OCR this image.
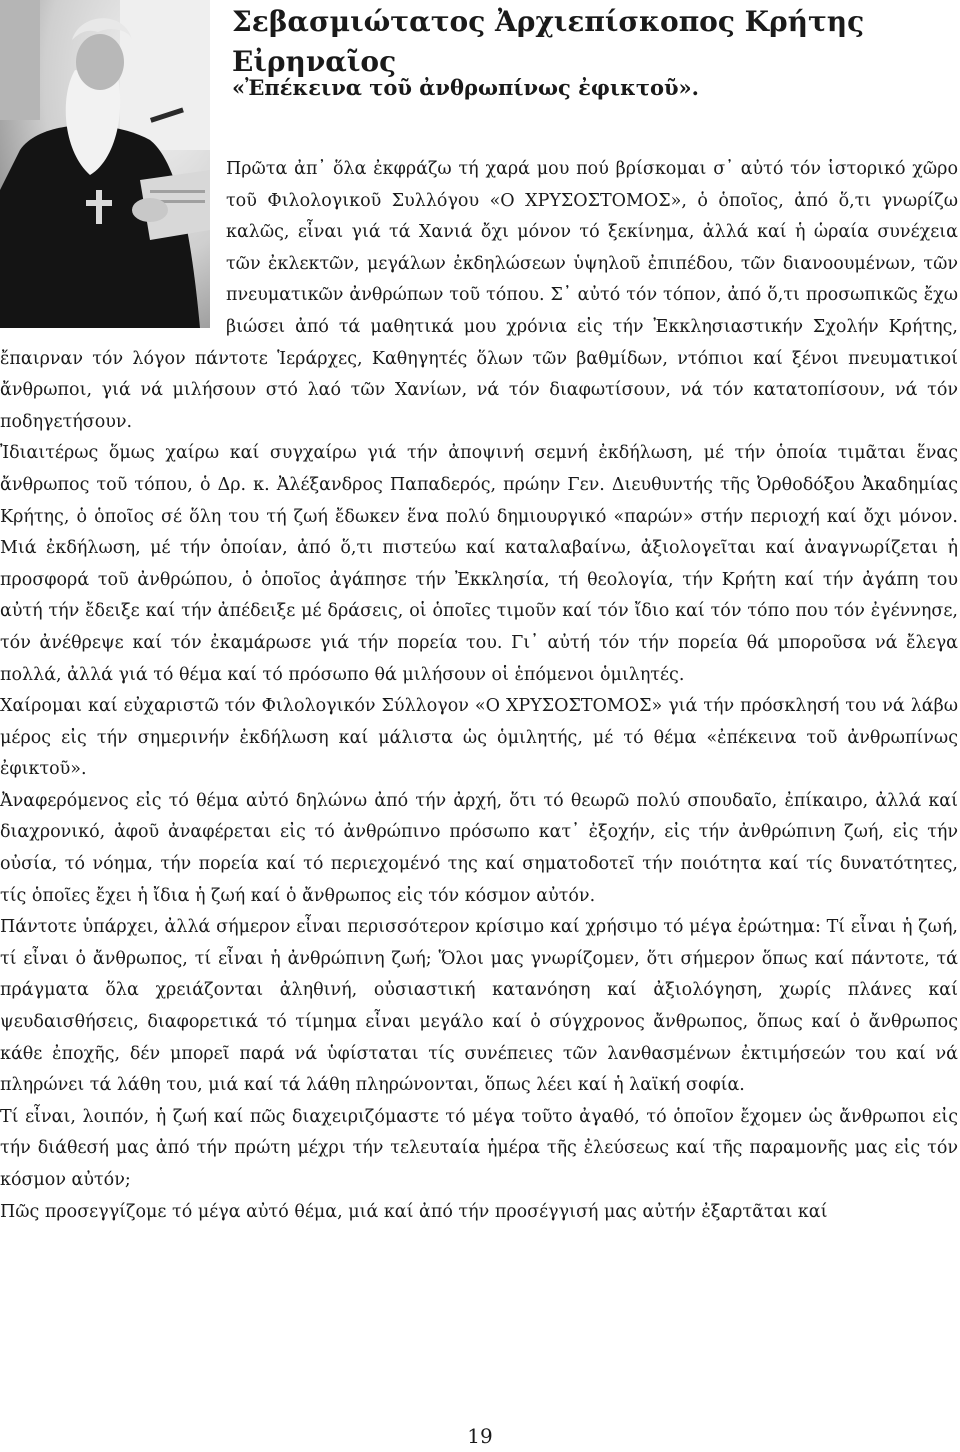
Σεβασμιώτατος Ἀρχιεπίσκοπος Κρήτης Εἰρηναῖος
«Ἐπέκεινα τοῦ ἀνθρωπίνως ἐφικτοῦ».

Πρῶτα ἀπ᾽ ὅλα ἐκφράζω τή χαρά μου πού βρίσκομαι σ᾽ αὐτό τόν ἱστορικό χῶρο τοῦ Φιλολογικοῦ Συλλόγου «Ο ΧΡΥΣΟΣΤΟΜΟΣ», ὁ ὁποῖος, ἀπό ὅ,τι γνωρίζω καλῶς, εἶναι γιά τά Χανιά ὄχι μόνον τό ξεκίνημα, ἀλλά καί ἡ ὡραία συνέχεια τῶν ἐκλεκτῶν, μεγάλων ἐκδηλώσεων ὑψηλοῦ ἐπιπέδου, τῶν διανοουμένων, τῶν πνευματικῶν ἀνθρώπων τοῦ τόπου. Σ᾽ αὐτό τόν τόπον, ἀπό ὅ,τι προσωπικῶς ἔχω βιώσει ἀπό τά μαθητικά μου χρόνια εἰς τήν Ἐκκλησιαστικήν Σχολήν Κρήτης, ἔπαιρναν τόν λόγον πάντοτε Ἱεράρχες, Καθηγητές ὅλων τῶν βαθμίδων, ντόπιοι καί ξένοι πνευματικοί ἄνθρωποι, γιά νά μιλήσουν στό λαό τῶν Χανίων, νά τόν διαφωτίσουν, νά τόν κατατοπίσουν, νά τόν ποδηγετήσουν.

Ἰδιαιτέρως ὅμως χαίρω καί συγχαίρω γιά τήν ἀποψινή σεμνή ἐκδήλωση, μέ τήν ὁποία τιμᾶται ἕνας ἄνθρωπος τοῦ τόπου, ὁ Δρ. κ. Ἀλέξανδρος Παπαδερός, πρώην Γεν. Διευθυντής τῆς Ὀρθοδόξου Ἀκαδημίας Κρήτης, ὁ ὁποῖος σέ ὅλη του τή ζωή ἔδωκεν ἕνα πολύ δημιουργικό «παρών» στήν περιοχή καί ὄχι μόνον. Μιά ἐκδήλωση, μέ τήν ὁποίαν, ἀπό ὅ,τι πιστεύω καί καταλαβαίνω, ἀξιολογεῖται καί ἀναγνωρίζεται ἡ προσφορά τοῦ ἀνθρώπου, ὁ ὁποῖος ἀγάπησε τήν Ἐκκλησία, τή θεολογία, τήν Κρήτη καί τήν ἀγάπη του αὐτή τήν ἔδειξε καί τήν ἀπέδειξε μέ δράσεις, οἱ ὁποῖες τιμοῦν καί τόν ἴδιο καί τόν τόπο που τόν ἐγέννησε, τόν ἀνέθρεψε καί τόν ἐκαμάρωσε γιά τήν πορεία του. Γι᾽ αὐτή τόν τήν πορεία θά μποροῦσα νά ἔλεγα πολλά, ἀλλά γιά τό θέμα καί τό πρόσωπο θά μιλήσουν οἱ ἑπόμενοι ὁμιλητές.

Χαίρομαι καί εὐχαριστῶ τόν Φιλολογικόν Σύλλογον «Ο ΧΡΥΣΟΣΤΟΜΟΣ» γιά τήν πρόσκλησή του νά λάβω μέρος εἰς τήν σημερινήν ἐκδήλωση καί μάλιστα ὡς ὁμιλητής, μέ τό θέμα «ἐπέκεινα τοῦ ἀνθρωπίνως ἐφικτοῦ».

Ἀναφερόμενος εἰς τό θέμα αὐτό δηλώνω ἀπό τήν ἀρχή, ὅτι τό θεωρῶ πολύ σπουδαῖο, ἐπίκαιρο, ἀλλά καί διαχρονικό, ἀφοῦ ἀναφέρεται εἰς τό ἀνθρώπινο πρόσωπο κατ᾽ ἐξοχήν, εἰς τήν ἀνθρώπινη ζωή, εἰς τήν οὐσία, τό νόημα, τήν πορεία καί τό περιεχομένό της καί σηματοδοτεῖ τήν ποιότητα καί τίς δυνατότητες, τίς ὁποῖες ἔχει ἡ ἴδια ἡ ζωή καί ὁ ἄνθρωπος εἰς τόν κόσμον αὐτόν.

Πάντοτε ὑπάρχει, ἀλλά σήμερον εἶναι περισσότερον κρίσιμο καί χρήσιμο τό μέγα ἐρώτημα: Τί εἶναι ἡ ζωή, τί εἶναι ὁ ἄνθρωπος, τί εἶναι ἡ ἀνθρώπινη ζωή; Ὅλοι μας γνωρίζομεν, ὅτι σήμερον ὅπως καί πάντοτε, τά πράγματα ὅλα χρειάζονται ἀληθινή, οὐσιαστική κατανόηση καί ἀξιολόγηση, χωρίς πλάνες καί ψευδαισθήσεις, διαφορετικά τό τίμημα εἶναι μεγάλο καί ὁ σύγχρονος ἄνθρωπος, ὅπως καί ὁ ἄνθρωπος κάθε ἐποχῆς, δέν μπορεῖ παρά νά ὑφίσταται τίς συνέπειες τῶν λανθασμένων ἐκτιμήσεών του καί νά πληρώνει τά λάθη του, μιά καί τά λάθη πληρώνονται, ὅπως λέει καί ἡ λαϊκή σοφία.

Τί εἶναι, λοιπόν, ἡ ζωή καί πῶς διαχειριζόμαστε τό μέγα τοῦτο ἀγαθό, τό ὁποῖον ἔχομεν ὡς ἄνθρωποι εἰς τήν διάθεσή μας ἀπό τήν πρώτη μέχρι τήν τελευταία ἡμέρα τῆς ἐλεύσεως καί τῆς παραμονῆς μας εἰς τόν κόσμον αὐτόν;

Πῶς προσεγγίζομε τό μέγα αὐτό θέμα, μιά καί ἀπό τήν προσέγγισή μας αὐτήν ἐξαρτᾶται καί

19
